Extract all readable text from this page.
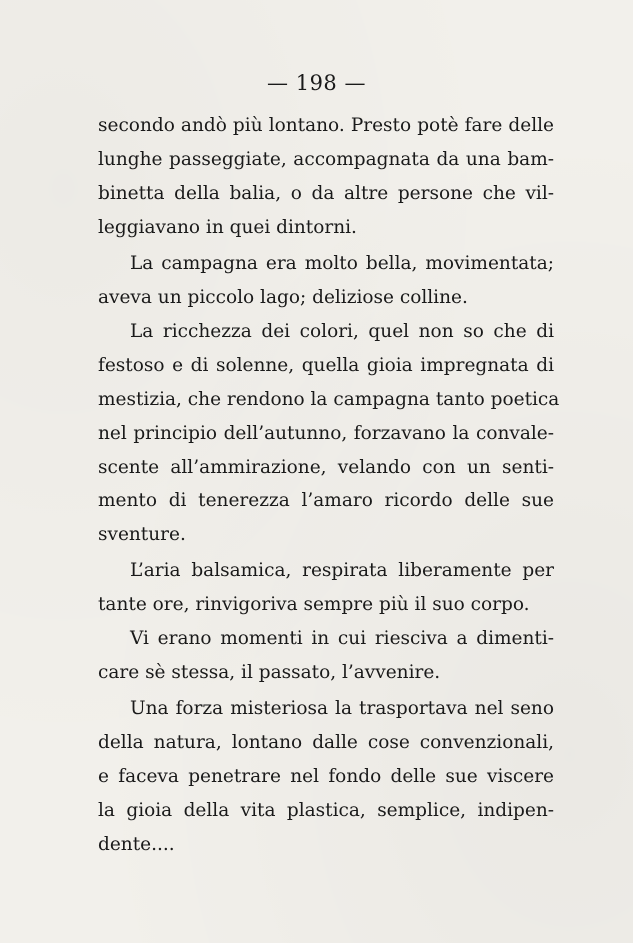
— 198 —
secondo andò più lontano. Presto potè fare delle
lunghe passeggiate, accompagnata da una bam-
binetta della balia, o da altre persone che vil-
leggiavano in quei dintorni.
La campagna era molto bella, movimentata;
aveva un piccolo lago; deliziose colline.
La ricchezza dei colori, quel non so che di
festoso e di solenne, quella gioia impregnata di
mestizia, che rendono la campagna tanto poetica
nel principio dell’autunno, forzavano la convale-
scente all’ammirazione, velando con un senti-
mento di tenerezza l’amaro ricordo delle sue
sventure.
L’aria balsamica, respirata liberamente per
tante ore, rinvigoriva sempre più il suo corpo.
Vi erano momenti in cui riesciva a dimenti-
care sè stessa, il passato, l’avvenire.
Una forza misteriosa la trasportava nel seno
della natura, lontano dalle cose convenzionali,
e faceva penetrare nel fondo delle sue viscere
la gioia della vita plastica, semplice, indipen-
dente....
